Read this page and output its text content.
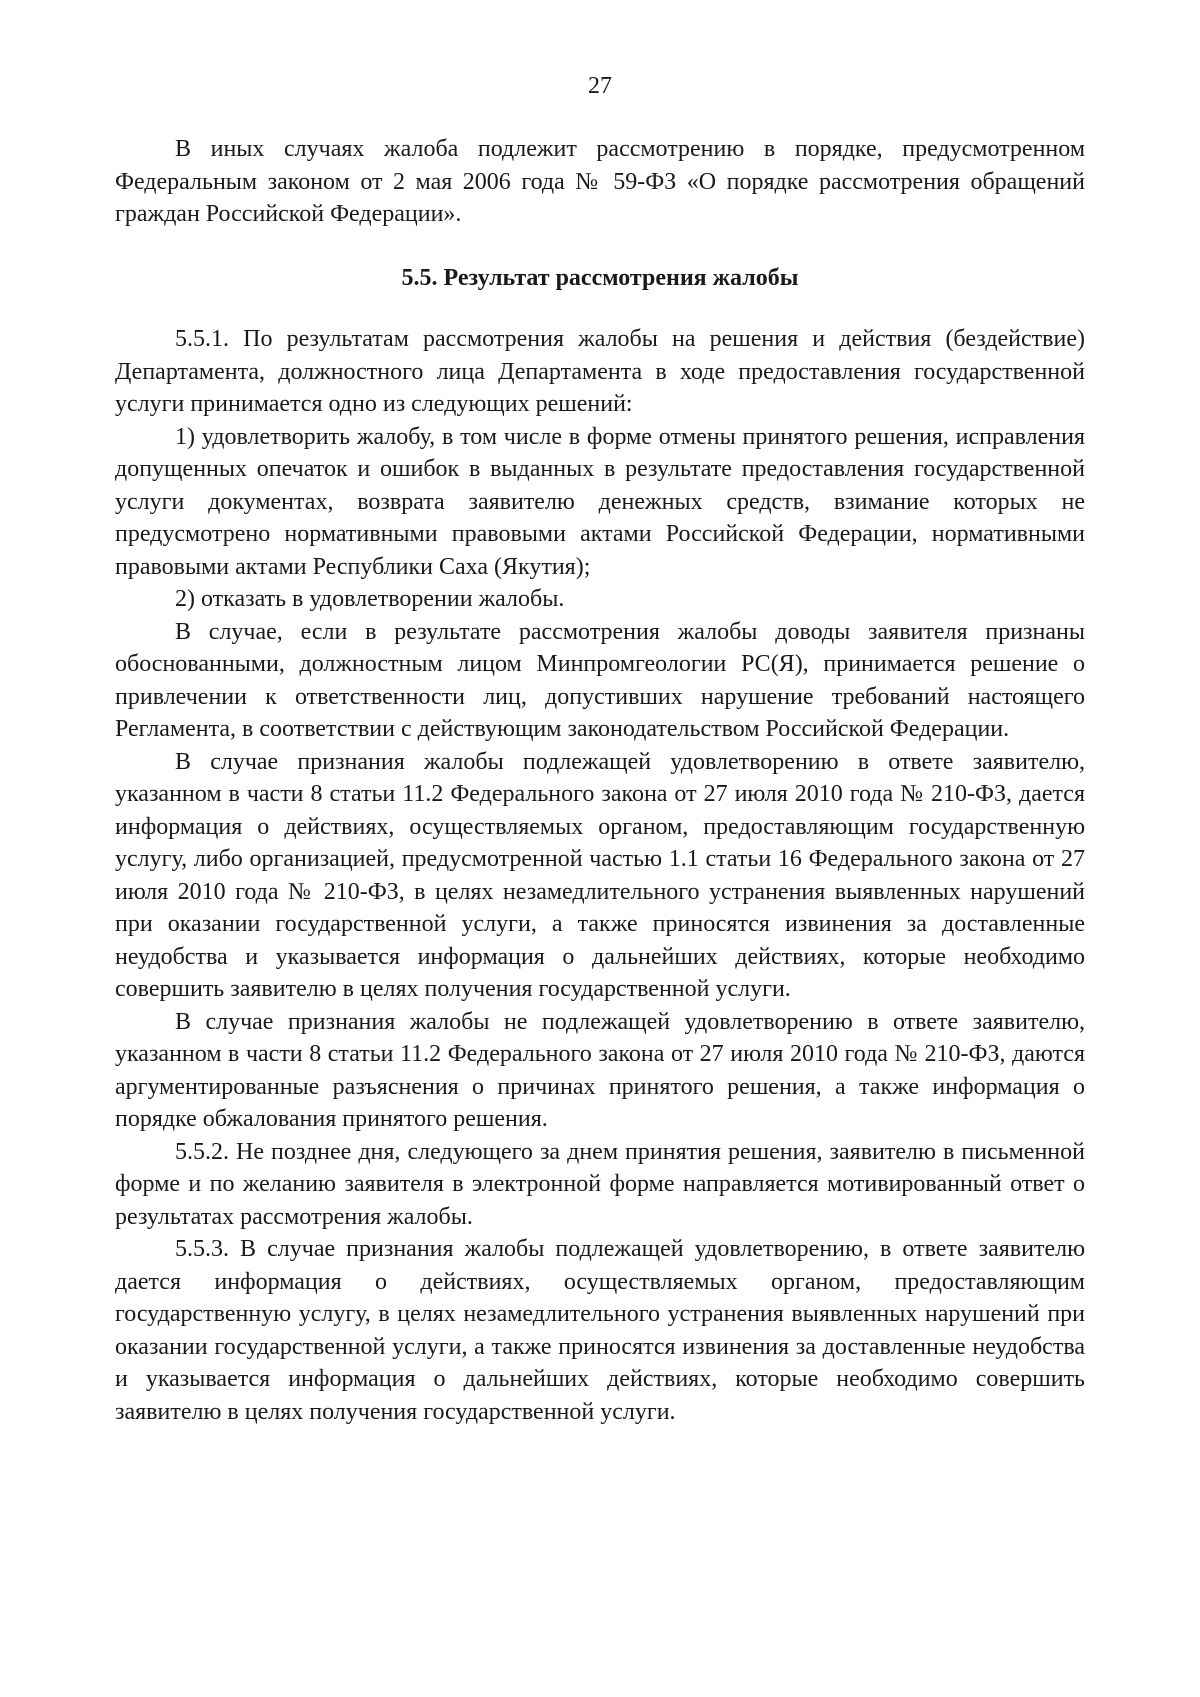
27

В иных случаях жалоба подлежит рассмотрению в порядке, предусмотренном Федеральным законом от 2 мая 2006 года № 59-ФЗ «О порядке рассмотрения обращений граждан Российской Федерации».

5.5. Результат рассмотрения жалобы

5.5.1. По результатам рассмотрения жалобы на решения и действия (бездействие) Департамента, должностного лица Департамента в ходе предоставления государственной услуги принимается одно из следующих решений:

1) удовлетворить жалобу, в том числе в форме отмены принятого решения, исправления допущенных опечаток и ошибок в выданных в результате предоставления государственной услуги документах, возврата заявителю денежных средств, взимание которых не предусмотрено нормативными правовыми актами Российской Федерации, нормативными правовыми актами Республики Саха (Якутия);

2) отказать в удовлетворении жалобы.

В случае, если в результате рассмотрения жалобы доводы заявителя признаны обоснованными, должностным лицом Минпромгеологии РС(Я), принимается решение о привлечении к ответственности лиц, допустивших нарушение требований настоящего Регламента, в соответствии с действующим законодательством Российской Федерации.

В случае признания жалобы подлежащей удовлетворению в ответе заявителю, указанном в части 8 статьи 11.2 Федерального закона от 27 июля 2010 года № 210-ФЗ, дается информация о действиях, осуществляемых органом, предоставляющим государственную услугу, либо организацией, предусмотренной частью 1.1 статьи 16 Федерального закона от 27 июля 2010 года № 210-ФЗ, в целях незамедлительного устранения выявленных нарушений при оказании государственной услуги, а также приносятся извинения за доставленные неудобства и указывается информация о дальнейших действиях, которые необходимо совершить заявителю в целях получения государственной услуги.

В случае признания жалобы не подлежащей удовлетворению в ответе заявителю, указанном в части 8 статьи 11.2 Федерального закона от 27 июля 2010 года № 210-ФЗ, даются аргументированные разъяснения о причинах принятого решения, а также информация о порядке обжалования принятого решения.

5.5.2. Не позднее дня, следующего за днем принятия решения, заявителю в письменной форме и по желанию заявителя в электронной форме направляется мотивированный ответ о результатах рассмотрения жалобы.

5.5.3. В случае признания жалобы подлежащей удовлетворению, в ответе заявителю дается информация о действиях, осуществляемых органом, предоставляющим государственную услугу, в целях незамедлительного устранения выявленных нарушений при оказании государственной услуги, а также приносятся извинения за доставленные неудобства и указывается информация о дальнейших действиях, которые необходимо совершить заявителю в целях получения государственной услуги.
